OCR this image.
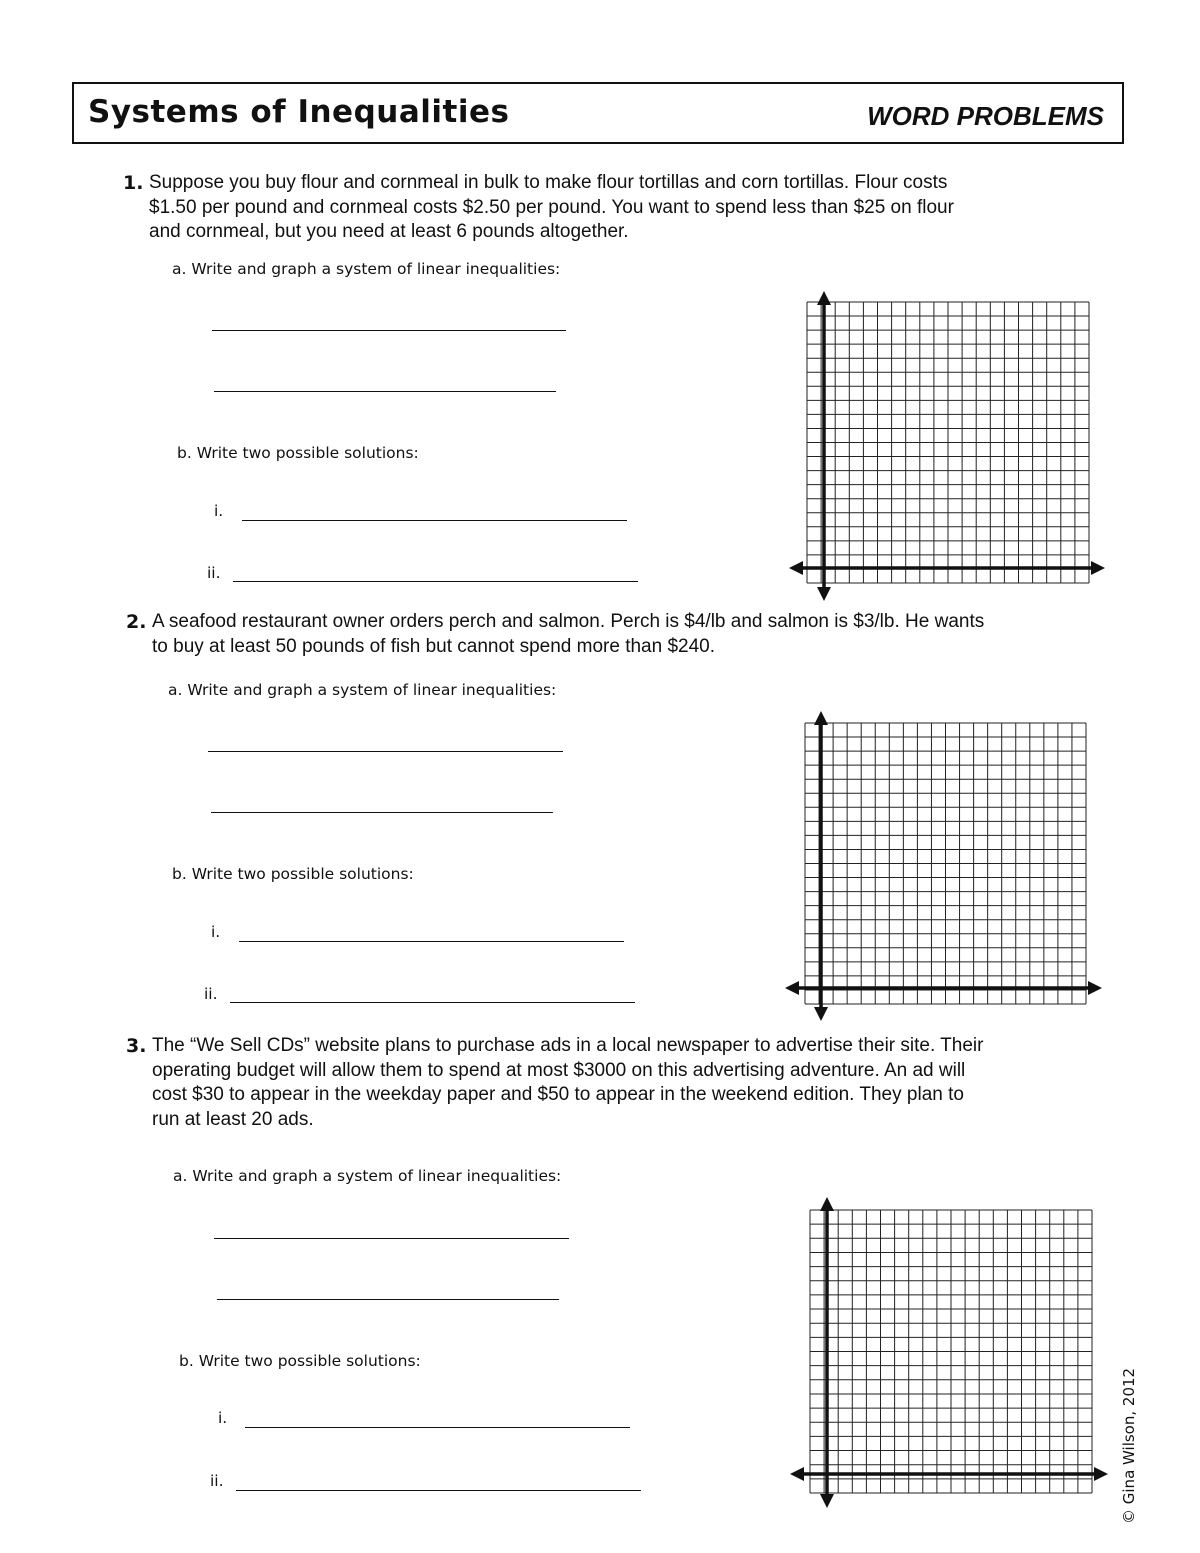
Systems of Inequalities	WORD PROBLEMS
1. Suppose you buy flour and cornmeal in bulk to make flour tortillas and corn tortillas. Flour costs
$1.50 per pound and cornmeal costs $2.50 per pound. You want to spend less than $25 on flour
and cornmeal, but you need at least 6 pounds altogether.
a. Write and graph a system of linear inequalities:
b. Write two possible solutions:
i.
ii.
2. A seafood restaurant owner orders perch and salmon. Perch is $4/lb and salmon is $3/lb. He wants
to buy at least 50 pounds of fish but cannot spend more than $240.
a. Write and graph a system of linear inequalities:
b. Write two possible solutions:
i.
ii.
3. The “We Sell CDs” website plans to purchase ads in a local newspaper to advertise their site. Their
operating budget will allow them to spend at most $3000 on this advertising adventure. An ad will
cost $30 to appear in the weekday paper and $50 to appear in the weekend edition. They plan to
run at least 20 ads.
a. Write and graph a system of linear inequalities:
b. Write two possible solutions:
i.
ii.	© Gina Wilson, 2012
